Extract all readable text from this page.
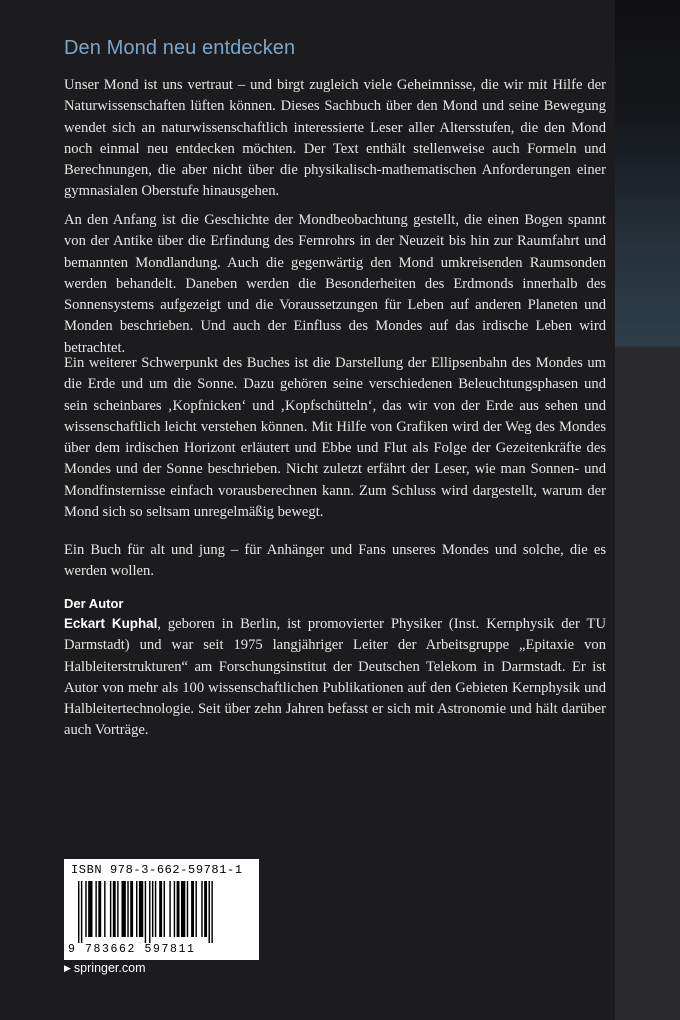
Den Mond neu entdecken

Unser Mond ist uns vertraut – und birgt zugleich viele Geheimnisse, die wir mit Hilfe der Naturwissenschaften lüften können. Dieses Sachbuch über den Mond und seine Bewegung wendet sich an naturwissenschaftlich interessierte Leser aller Altersstufen, die den Mond noch einmal neu entdecken möchten. Der Text enthält stellenweise auch Formeln und Berechnungen, die aber nicht über die physikalisch-mathematischen Anforderungen einer gymnasialen Oberstufe hinausgehen.

An den Anfang ist die Geschichte der Mondbeobachtung gestellt, die einen Bogen spannt von der Antike über die Erfindung des Fernrohrs in der Neuzeit bis hin zur Raumfahrt und bemannten Mondlandung. Auch die gegenwärtig den Mond umkreisenden Raumsonden werden behandelt. Daneben werden die Besonderheiten des Erdmonds innerhalb des Sonnensystems aufgezeigt und die Voraussetzungen für Leben auf anderen Planeten und Monden beschrieben. Und auch der Einfluss des Mondes auf das irdische Leben wird betrachtet.

Ein weiterer Schwerpunkt des Buches ist die Darstellung der Ellipsenbahn des Mondes um die Erde und um die Sonne. Dazu gehören seine verschiedenen Beleuchtungsphasen und sein scheinbares ‚Kopfnicken‘ und ‚Kopfschütteln‘, das wir von der Erde aus sehen und wissenschaftlich leicht verstehen können. Mit Hilfe von Grafiken wird der Weg des Mondes über dem irdischen Horizont erläutert und Ebbe und Flut als Folge der Gezeitenkräfte des Mondes und der Sonne beschrieben. Nicht zuletzt erfährt der Leser, wie man Sonnen- und Mondfinsternisse einfach vorausberechnen kann. Zum Schluss wird dargestellt, warum der Mond sich so seltsam unregelmäßig bewegt.

Ein Buch für alt und jung – für Anhänger und Fans unseres Mondes und solche, die es werden wollen.

Der Autor

Eckart Kuphal, geboren in Berlin, ist promovierter Physiker (Inst. Kernphysik der TU Darmstadt) und war seit 1975 langjähriger Leiter der Arbeitsgruppe „Epitaxie von Halbleiterstrukturen“ am Forschungsinstitut der Deutschen Telekom in Darmstadt. Er ist Autor von mehr als 100 wissenschaftlichen Publikationen auf den Gebieten Kernphysik und Halbleitertechnologie. Seit über zehn Jahren befasst er sich mit Astronomie und hält darüber auch Vorträge.

ISBN 978-3-662-59781-1
9 783662 597811
▶ springer.com
